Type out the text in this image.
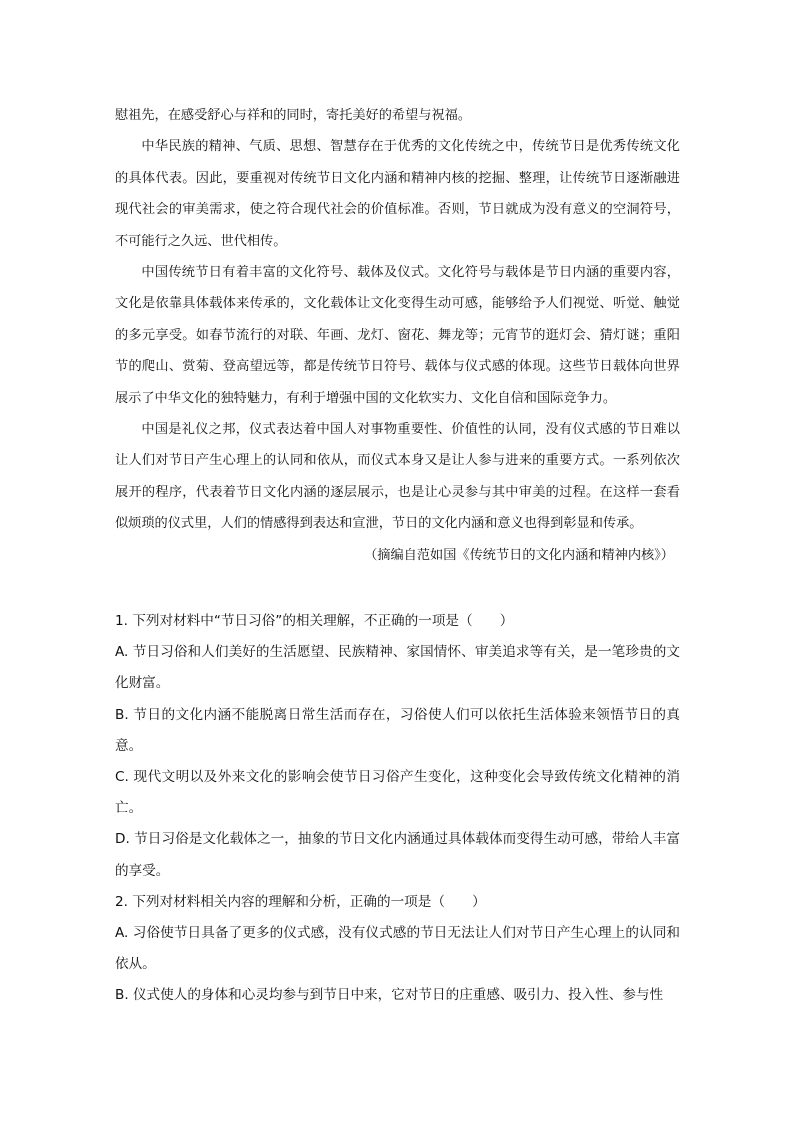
慰祖先，在感受舒心与祥和的同时，寄托美好的希望与祝福。

中华民族的精神、气质、思想、智慧存在于优秀的文化传统之中，传统节日是优秀传统文化的具体代表。因此，要重视对传统节日文化内涵和精神内核的挖掘、整理，让传统节日逐渐融进现代社会的审美需求，使之符合现代社会的价值标准。否则，节日就成为没有意义的空洞符号，不可能行之久远、世代相传。

中国传统节日有着丰富的文化符号、载体及仪式。文化符号与载体是节日内涵的重要内容，文化是依靠具体载体来传承的，文化载体让文化变得生动可感，能够给予人们视觉、听觉、触觉的多元享受。如春节流行的对联、年画、龙灯、窗花、舞龙等；元宵节的逛灯会、猜灯谜；重阳节的爬山、赏菊、登高望远等，都是传统节日符号、载体与仪式感的体现。这些节日载体向世界展示了中华文化的独特魅力，有利于增强中国的文化软实力、文化自信和国际竞争力。

中国是礼仪之邦，仪式表达着中国人对事物重要性、价值性的认同，没有仪式感的节日难以让人们对节日产生心理上的认同和依从，而仪式本身又是让人参与进来的重要方式。一系列依次展开的程序，代表着节日文化内涵的逐层展示，也是让心灵参与其中审美的过程。在这样一套看似烦琐的仪式里，人们的情感得到表达和宣泄，节日的文化内涵和意义也得到彰显和传承。

（摘编自范如国《传统节日的文化内涵和精神内核》）

1. 下列对材料中“节日习俗”的相关理解，不正确的一项是（　　）

A. 节日习俗和人们美好的生活愿望、民族精神、家国情怀、审美追求等有关，是一笔珍贵的文化财富。

B. 节日的文化内涵不能脱离日常生活而存在，习俗使人们可以依托生活体验来领悟节日的真意。

C. 现代文明以及外来文化的影响会使节日习俗产生变化，这种变化会导致传统文化精神的消亡。

D. 节日习俗是文化载体之一，抽象的节日文化内涵通过具体载体而变得生动可感，带给人丰富的享受。

2. 下列对材料相关内容的理解和分析，正确的一项是（　　）

A. 习俗使节日具备了更多的仪式感，没有仪式感的节日无法让人们对节日产生心理上的认同和依从。

B. 仪式使人的身体和心灵均参与到节日中来，它对节日的庄重感、吸引力、投入性、参与性
